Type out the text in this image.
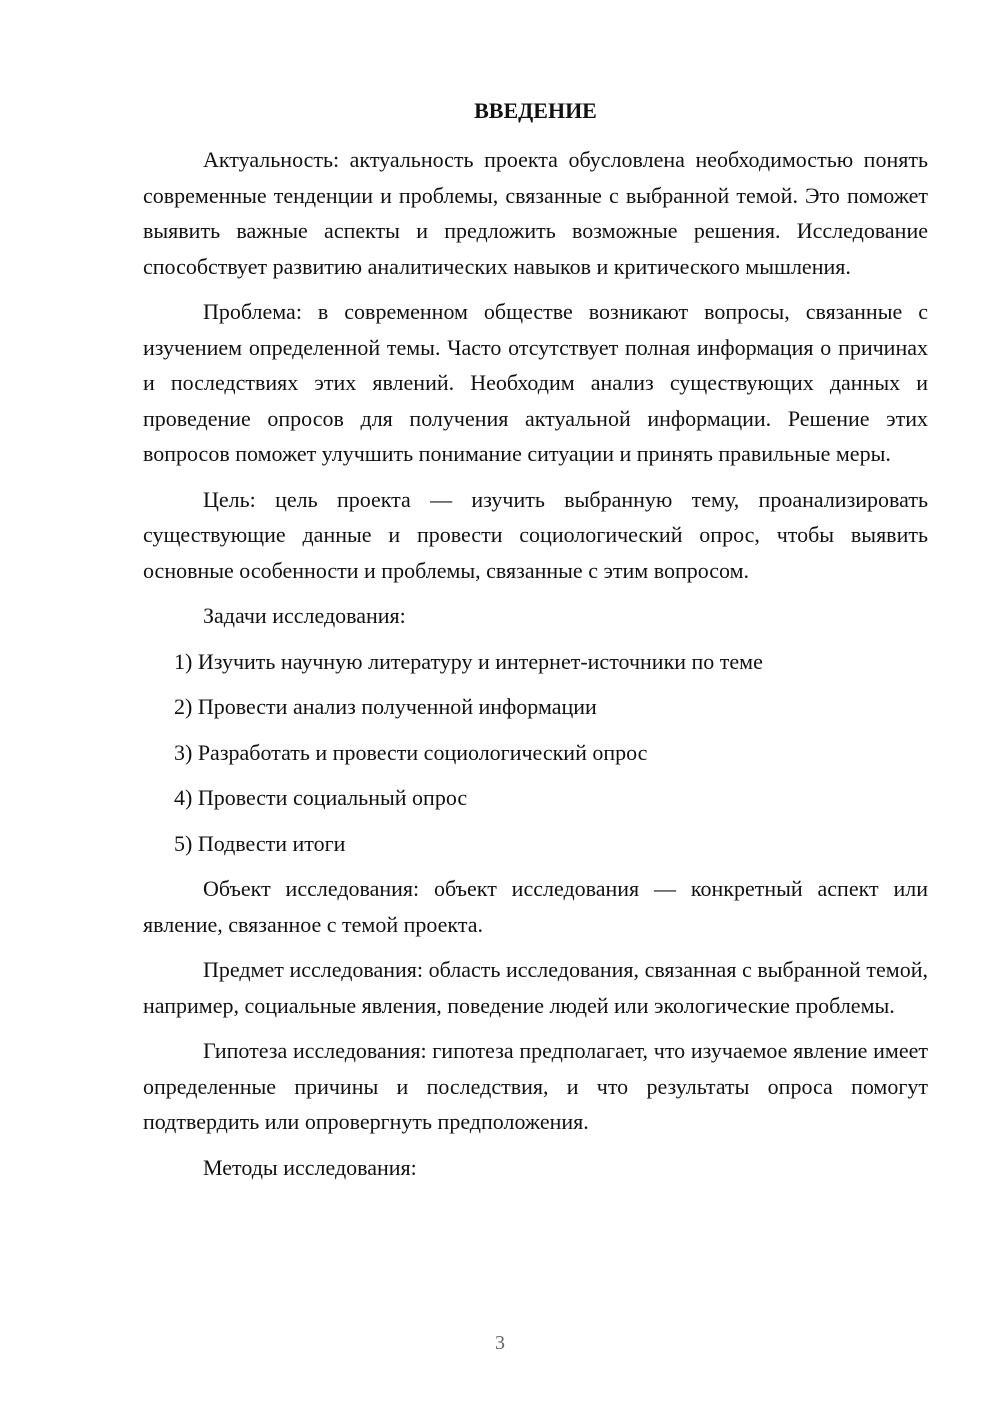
ВВЕДЕНИЕ

Актуальность: актуальность проекта обусловлена необходимостью понять современные тенденции и проблемы, связанные с выбранной темой. Это поможет выявить важные аспекты и предложить возможные решения. Исследование способствует развитию аналитических навыков и критического мышления.

Проблема: в современном обществе возникают вопросы, связанные с изучением определенной темы. Часто отсутствует полная информация о причинах и последствиях этих явлений. Необходим анализ существующих данных и проведение опросов для получения актуальной информации. Решение этих вопросов поможет улучшить понимание ситуации и принять правильные меры.

Цель: цель проекта — изучить выбранную тему, проанализировать существующие данные и провести социологический опрос, чтобы выявить основные особенности и проблемы, связанные с этим вопросом.

Задачи исследования:

1) Изучить научную литературу и интернет-источники по теме
2) Провести анализ полученной информации
3) Разработать и провести социологический опрос
4) Провести социальный опрос
5) Подвести итоги

Объект исследования: объект исследования — конкретный аспект или явление, связанное с темой проекта.

Предмет исследования: область исследования, связанная с выбранной темой, например, социальные явления, поведение людей или экологические проблемы.

Гипотеза исследования: гипотеза предполагает, что изучаемое явление имеет определенные причины и последствия, и что результаты опроса помогут подтвердить или опровергнуть предположения.

Методы исследования:

3
